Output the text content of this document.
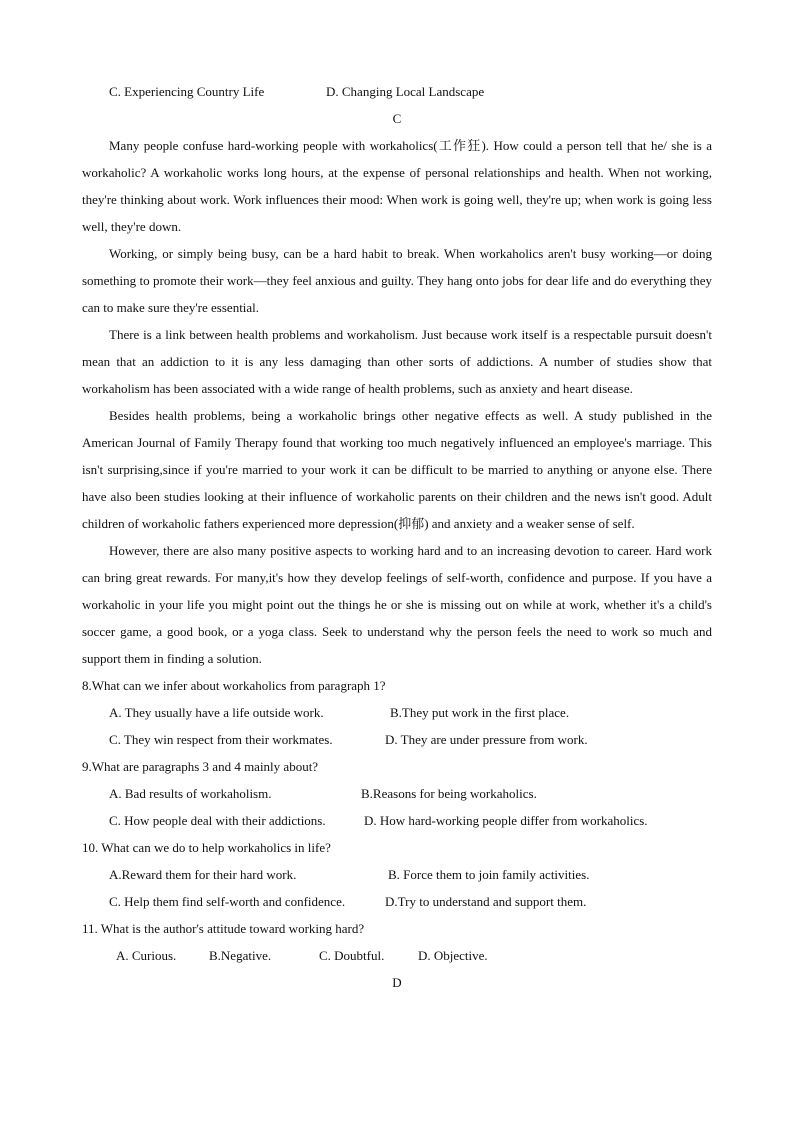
C. Experiencing Country Life	D. Changing Local Landscape
C
Many people confuse hard-working people with workaholics(工作狂). How could a person tell that he/ she is a workaholic? A workaholic works long hours, at the expense of personal relationships and health. When not working, they're thinking about work. Work influences their mood: When work is going well, they're up; when work is going less well, they're down.
Working, or simply being busy, can be a hard habit to break. When workaholics aren't busy working—or doing something to promote their work—they feel anxious and guilty. They hang onto jobs for dear life and do everything they can to make sure they're essential.
There is a link between health problems and workaholism. Just because work itself is a respectable pursuit doesn't mean that an addiction to it is any less damaging than other sorts of addictions. A number of studies show that workaholism has been associated with a wide range of health problems, such as anxiety and heart disease.
Besides health problems, being a workaholic brings other negative effects as well. A study published in the American Journal of Family Therapy found that working too much negatively influenced an employee's marriage. This isn't surprising,since if you're married to your work it can be difficult to be married to anything or anyone else. There have also been studies looking at their influence of workaholic parents on their children and the news isn't good. Adult children of workaholic fathers experienced more depression(抑郁) and anxiety and a weaker sense of self.
However, there are also many positive aspects to working hard and to an increasing devotion to career. Hard work can bring great rewards. For many,it's how they develop feelings of self-worth, confidence and purpose. If you have a workaholic in your life you might point out the things he or she is missing out on while at work, whether it's a child's soccer game, a good book, or a yoga class. Seek to understand why the person feels the need to work so much and support them in finding a solution.
8.What can we infer about workaholics from paragraph 1?
A. They usually have a life outside work.	B.They put work in the first place.
C. They win respect from their workmates.	D. They are under pressure from work.
9.What are paragraphs 3 and 4 mainly about?
A. Bad results of workaholism.	B.Reasons for being workaholics.
C. How people deal with their addictions.	D. How hard-working people differ from workaholics.
10. What can we do to help workaholics in life?
A.Reward them for their hard work.	B. Force them to join family activities.
C. Help them find self-worth and confidence.	D.Try to understand and support them.
11. What is the author's attitude toward working hard?
A. Curious.	B.Negative.	C. Doubtful.	D. Objective.
D
